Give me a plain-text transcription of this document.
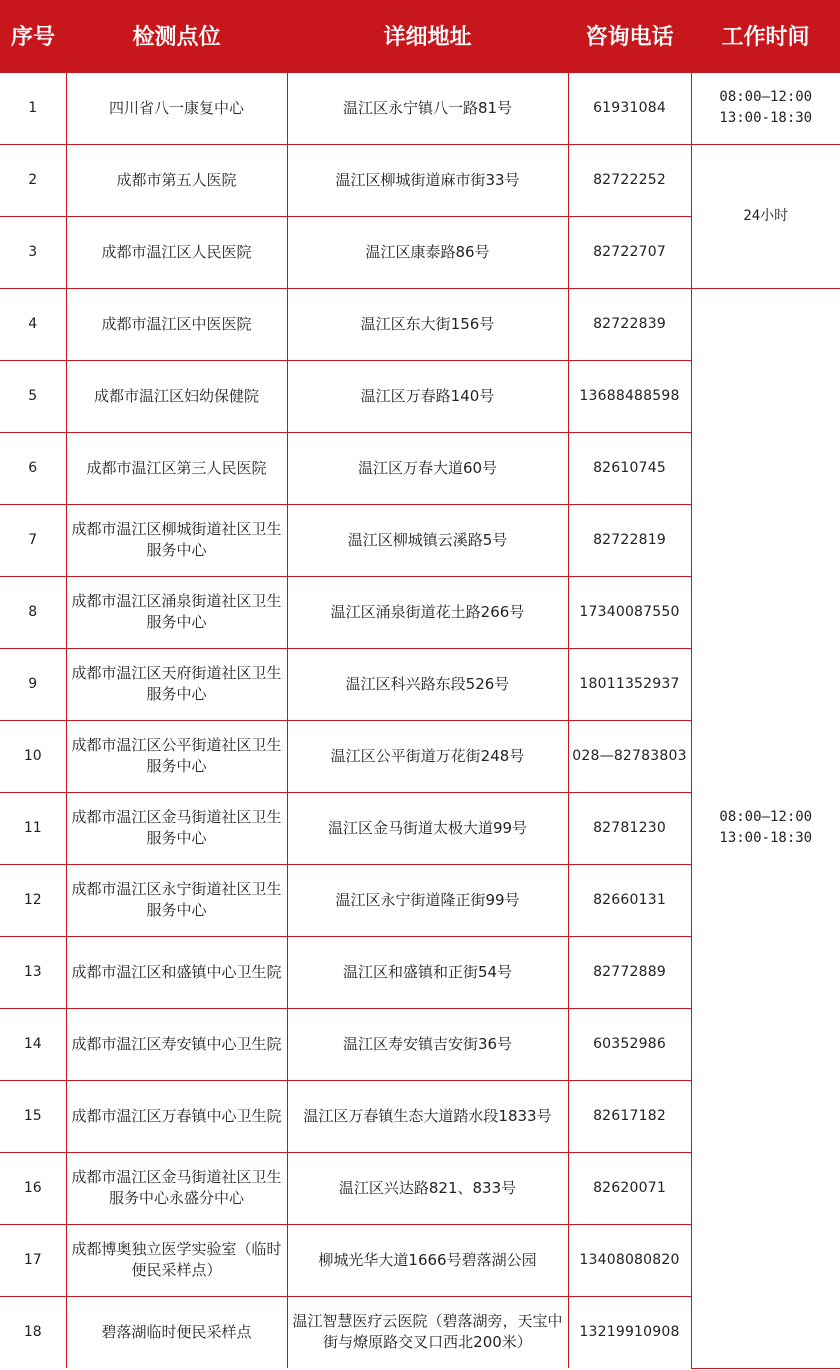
序号	检测点位	详细地址	咨询电话	工作时间
1	四川省八一康复中心	温江区永宁镇八一路81号	61931084	08:00—12:00
13:00-18:30

2	成都市第五人医院	温江区柳城街道麻市街33号	82722252	24小时

3	成都市温江区人民医院	温江区康泰路86号	82722707	
4	成都市温江区中医医院	温江区东大街156号	82722839	08:00—12:00
13:00-18:30

5	成都市温江区妇幼保健院	温江区万春路140号	13688488598	
6	成都市温江区第三人民医院	温江区万春大道60号	82610745	
7	成都市温江区柳城街道社区卫生服务中心	温江区柳城镇云溪路5号	82722819	
8	成都市温江区涌泉街道社区卫生服务中心	温江区涌泉街道花土路266号	17340087550	
9	成都市温江区天府街道社区卫生服务中心	温江区科兴路东段526号	18011352937	
10	成都市温江区公平街道社区卫生服务中心	温江区公平街道万花街248号	028—82783803	
11	成都市温江区金马街道社区卫生服务中心	温江区金马街道太极大道99号	82781230	
12	成都市温江区永宁街道社区卫生服务中心	温江区永宁街道隆正街99号	82660131	
13	成都市温江区和盛镇中心卫生院	温江区和盛镇和正街54号	82772889	
14	成都市温江区寿安镇中心卫生院	温江区寿安镇吉安街36号	60352986	
15	成都市温江区万春镇中心卫生院	温江区万春镇生态大道踏水段1833号	82617182	
16	成都市温江区金马街道社区卫生服务中心永盛分中心	温江区兴达路821、833号	82620071	
17	成都博奥独立医学实验室（临时便民采样点）	柳城光华大道1666号碧落湖公园	13408080820	
18	碧落湖临时便民采样点	温江智慧医疗云医院（碧落湖旁，天宝中街与燎原路交叉口西北200米）	13219910908	
